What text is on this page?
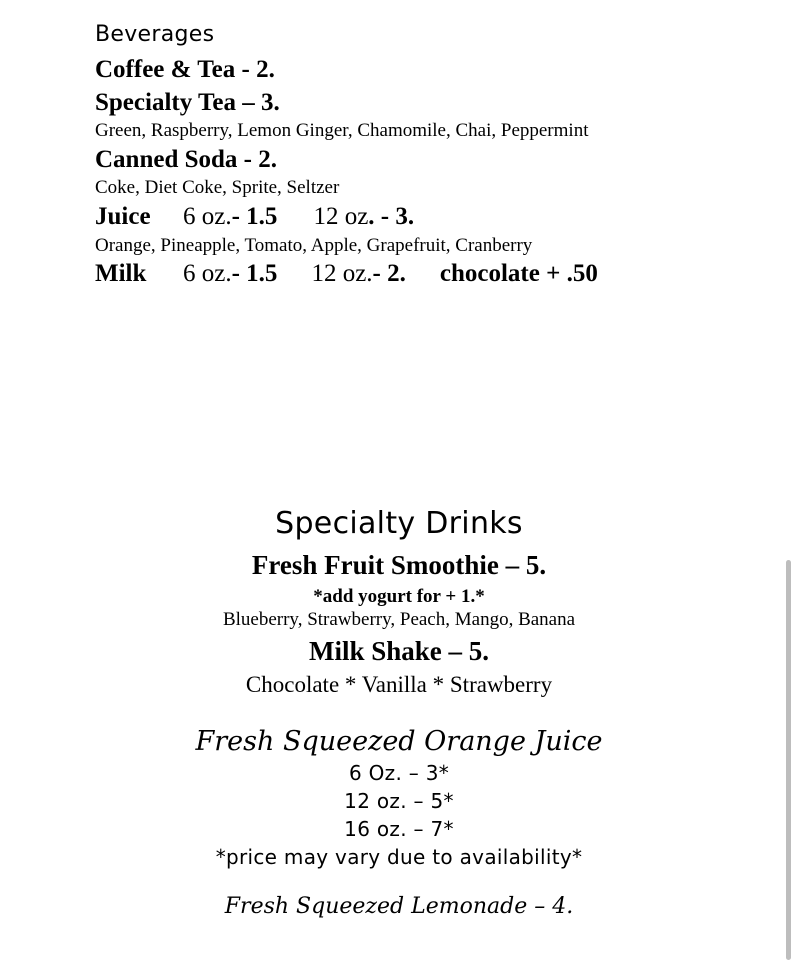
Beverages
Coffee & Tea - 2.
Specialty Tea – 3.
Green, Raspberry, Lemon Ginger, Chamomile, Chai, Peppermint
Canned Soda - 2.
Coke, Diet Coke, Sprite, Seltzer
Juice	6 oz. - 1.5 12 oz . - 3.
Orange, Pineapple, Tomato, Apple, Grapefruit, Cranberry
Milk	6 oz. - 1.5 12 oz. - 2. chocolate + .50
Specialty Drinks
Fresh Fruit Smoothie – 5.
*add yogurt for + 1.*
Blueberry, Strawberry, Peach, Mango, Banana
Milk Shake – 5.
Chocolate * Vanilla * Strawberry
Fresh Squeezed Orange Juice
6 Oz. – 3*
12 oz. – 5*
16 oz. – 7*
*price may vary due to availability*
Fresh Squeezed Lemonade – 4.
